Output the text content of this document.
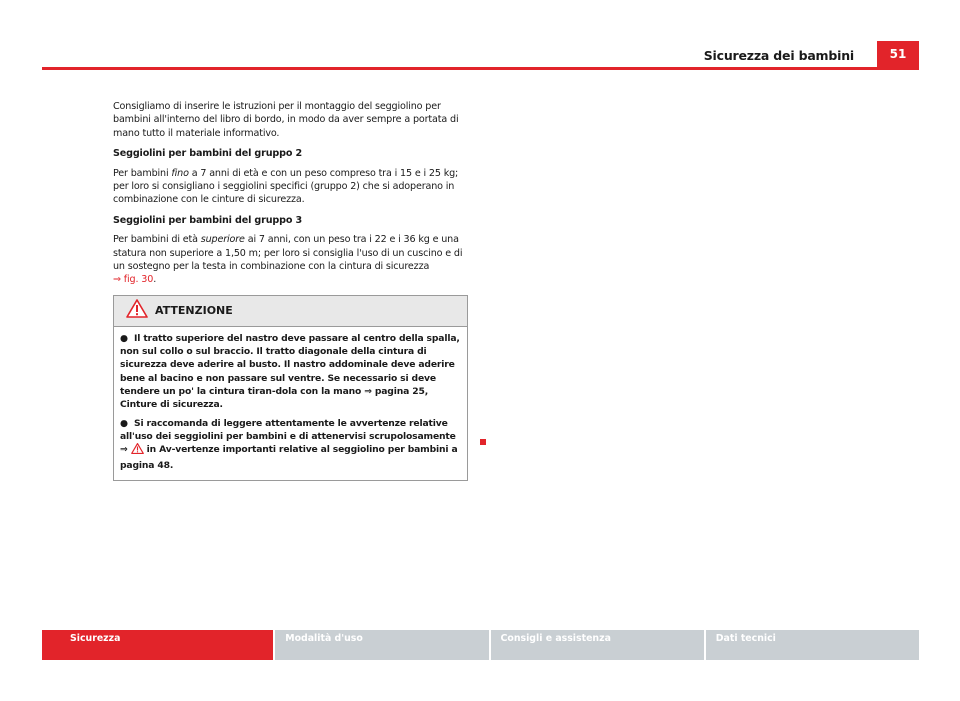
Sicurezza dei bambini	51

Consigliamo di inserire le istruzioni per il montaggio del seggiolino per bambini all'interno del libro di bordo, in modo da aver sempre a portata di mano tutto il materiale informativo.

Seggiolini per bambini del gruppo 2

Per bambini fino a 7 anni di età e con un peso compreso tra i 15 e i 25 kg; per loro si consigliano i seggiolini specifici (gruppo 2) che si adoperano in combinazione con le cinture di sicurezza.

Seggiolini per bambini del gruppo 3

Per bambini di età superiore ai 7 anni, con un peso tra i 22 e i 36 kg e una statura non superiore a 1,50 m; per loro si consiglia l'uso di un cuscino e di un sostegno per la testa in combinazione con la cintura di sicurezza
⇒ fig. 30.

ATTENZIONE

● Il tratto superiore del nastro deve passare al centro della spalla, non sul collo o sul braccio. Il tratto diagonale della cintura di sicurezza deve aderire al busto. Il nastro addominale deve aderire bene al bacino e non passare sul ventre. Se necessario si deve tendere un po' la cintura tiran-dola con la mano ⇒ pagina 25, Cinture di sicurezza.

● Si raccomanda di leggere attentamente le avvertenze relative all'uso dei seggiolini per bambini e di attenervisi scrupolosamente ⇒  in Av-vertenze importanti relative al seggiolino per bambini a pagina 48.

Sicurezza	Modalità d'uso	Consigli e assistenza	Dati tecnici
